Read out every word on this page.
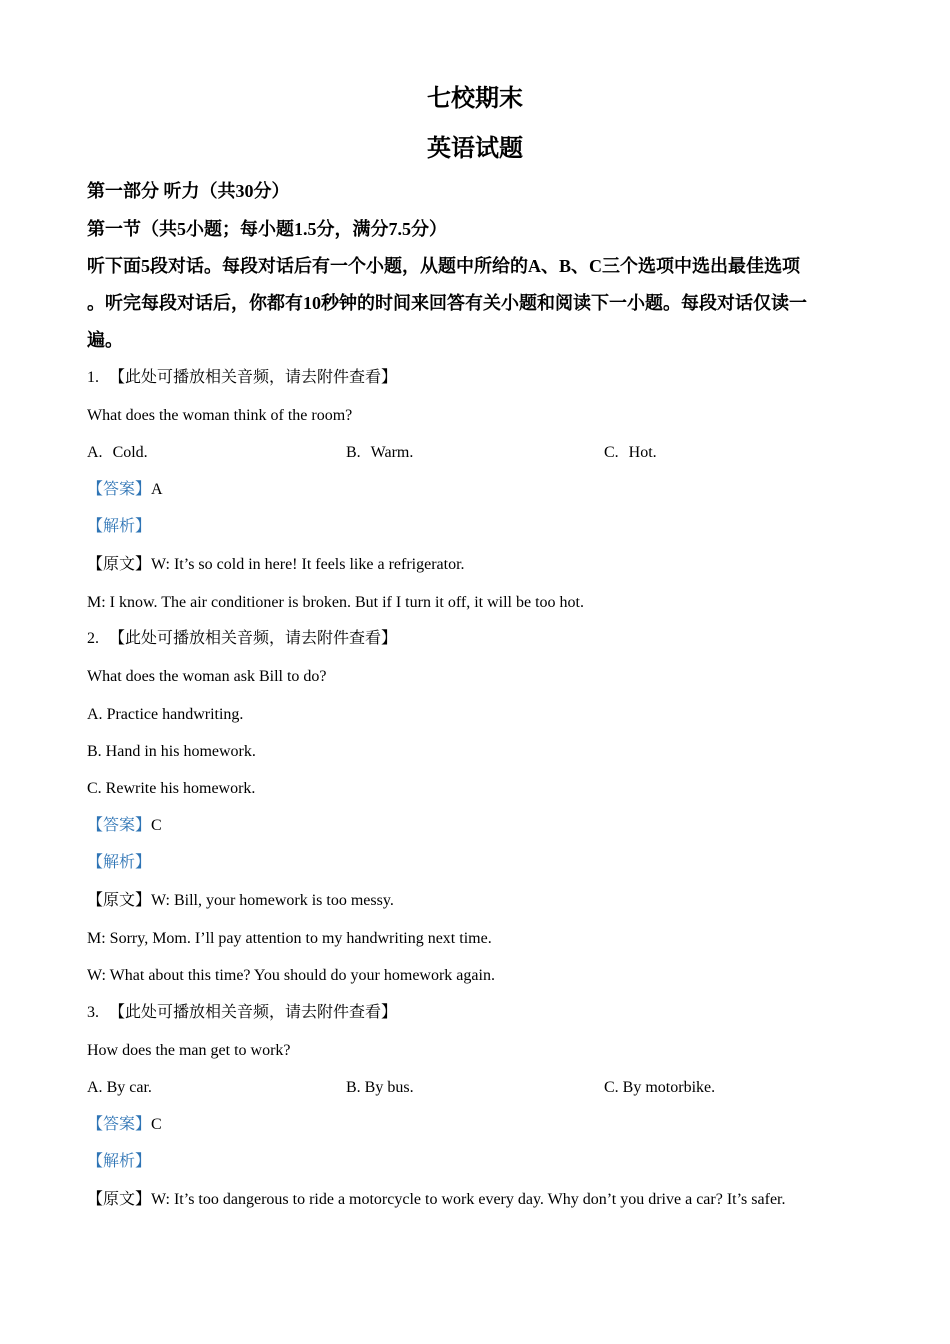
七校期末
英语试题
第一部分 听力（共30分）
第一节（共5小题；每小题1.5分，满分7.5分）
听下面5段对话。每段对话后有一个小题，从题中所给的A、B、C三个选项中选出最佳选项
。听完每段对话后，你都有10秒钟的时间来回答有关小题和阅读下一小题。每段对话仅读一
遍。
1. 【此处可播放相关音频，请去附件查看】
What does the woman think of the room?
A. Cold.	B. Warm.	C. Hot.
【答案】A
【解析】
【原文】W: It’s so cold in here! It feels like a refrigerator.
M: I know. The air conditioner is broken. But if I turn it off, it will be too hot.
2. 【此处可播放相关音频，请去附件查看】
What does the woman ask Bill to do?
A. Practice handwriting.
B. Hand in his homework.
C. Rewrite his homework.
【答案】C
【解析】
【原文】W: Bill, your homework is too messy.
M: Sorry, Mom. I’ll pay attention to my handwriting next time.
W: What about this time? You should do your homework again.
3. 【此处可播放相关音频，请去附件查看】
How does the man get to work?
A. By car.	B. By bus.	C. By motorbike.
【答案】C
【解析】
【原文】W: It’s too dangerous to ride a motorcycle to work every day. Why don’t you drive a car? It’s safer.
